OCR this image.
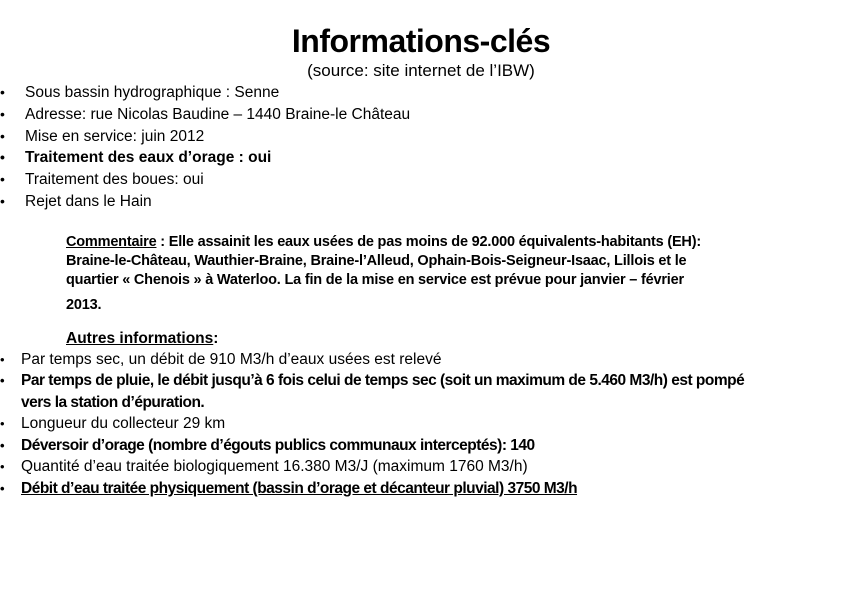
Informations-clés
(source: site internet de l’IBW)
•	Sous bassin hydrographique : Senne
•	Adresse: rue Nicolas Baudine – 1440 Braine-le Château
•	Mise en service: juin 2012
•	Traitement des eaux d’orage : oui
•	Traitement des boues: oui
•	Rejet dans le Hain
Commentaire : Elle assainit les eaux usées de pas moins de 92.000 équivalents-habitants (EH):
Braine-le-Château, Wauthier-Braine, Braine-l’Alleud, Ophain-Bois-Seigneur-Isaac, Lillois et le
quartier « Chenois » à Waterloo. La fin de la mise en service est prévue pour janvier – février
2013.
Autres informations:
•	Par temps sec, un débit de 910 M3/h d’eaux usées est relevé
•	Par temps de pluie, le débit jusqu’à 6 fois celui de temps sec (soit un maximum de 5.460 M3/h) est pompé vers la station d’épuration.
•	Longueur du collecteur 29 km
•	Déversoir d’orage (nombre d’égouts publics communaux interceptés): 140
•	Quantité d’eau traitée biologiquement 16.380 M3/J (maximum 1760 M3/h)
•	Débit d’eau traitée physiquement (bassin d’orage et décanteur pluvial) 3750 M3/h
